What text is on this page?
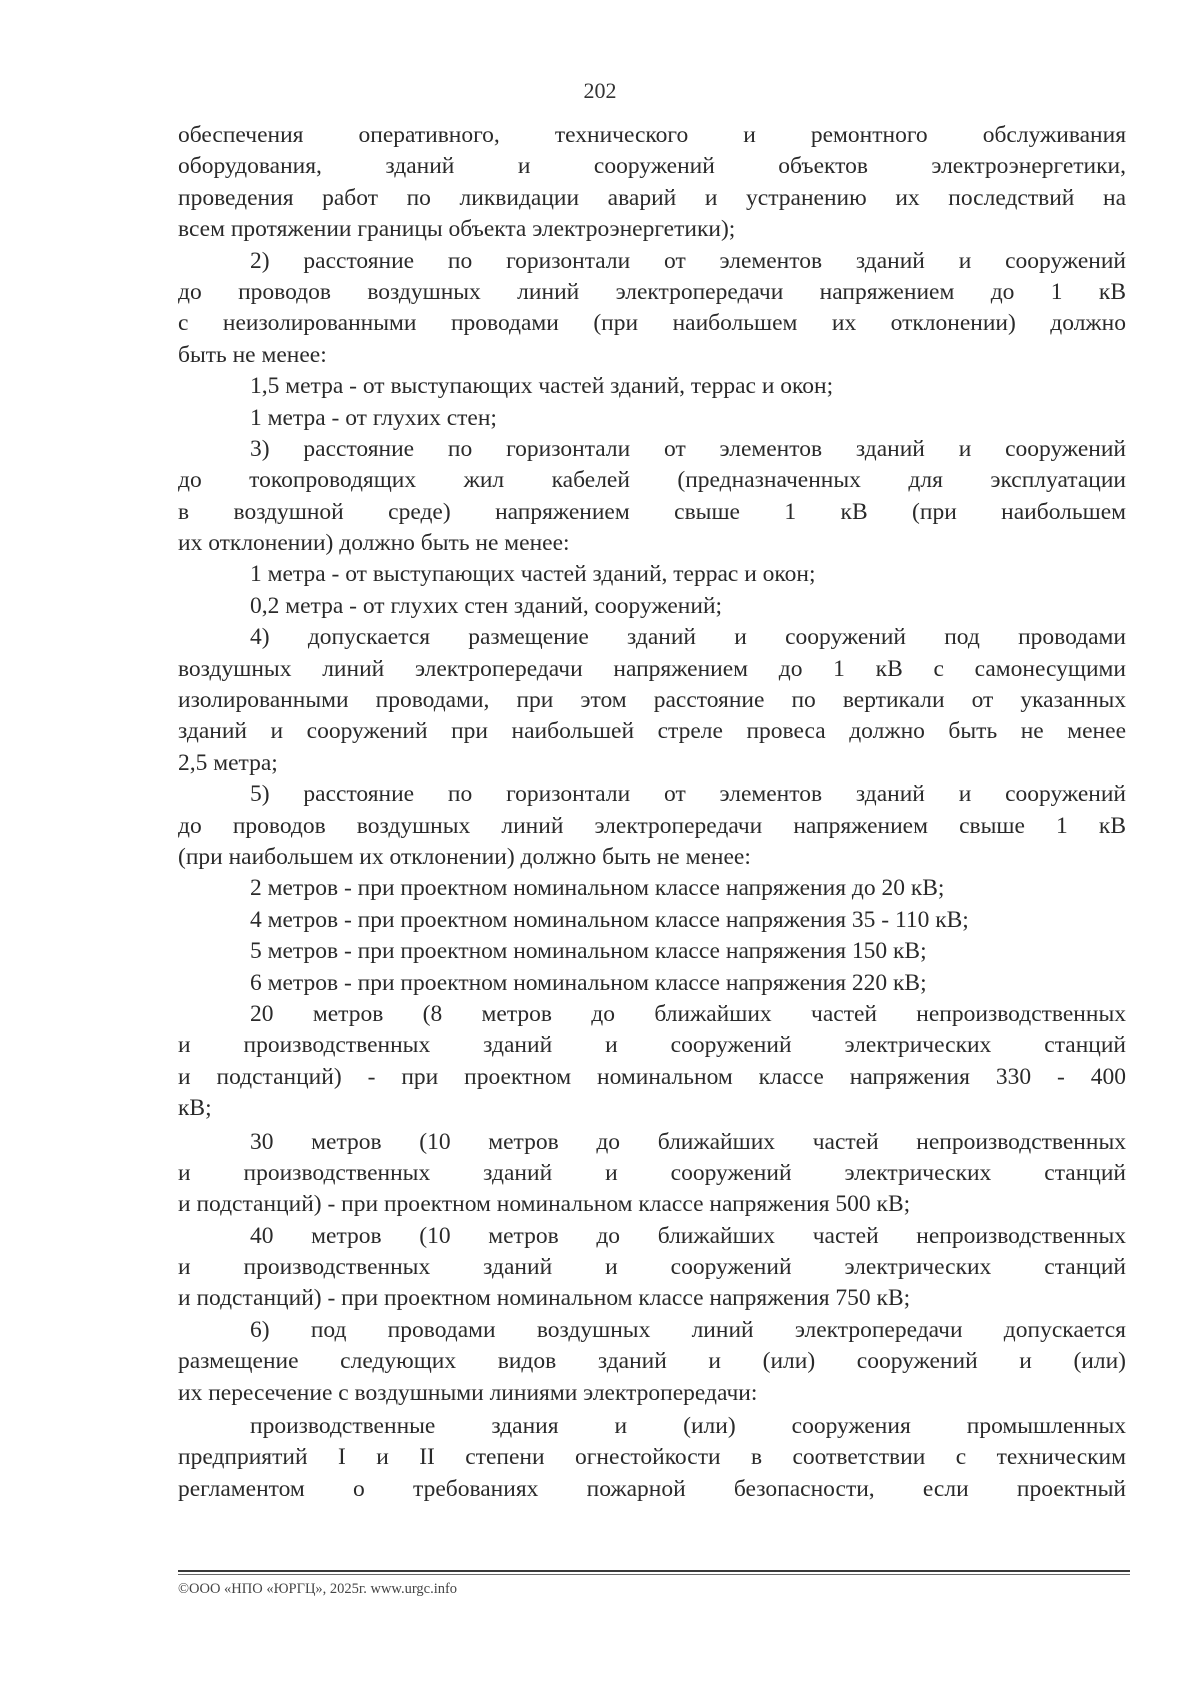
202
обеспечения оперативного, технического и ремонтного обслуживания
оборудования, зданий и сооружений объектов электроэнергетики,
проведения работ по ликвидации аварий и устранению их последствий на
всем протяжении границы объекта электроэнергетики);
2) расстояние по горизонтали от элементов зданий и сооружений
до проводов воздушных линий электропередачи напряжением до 1 кВ
с неизолированными проводами (при наибольшем их отклонении) должно
быть не менее:
1,5 метра - от выступающих частей зданий, террас и окон;
1 метра - от глухих стен;
3) расстояние по горизонтали от элементов зданий и сооружений
до токопроводящих жил кабелей (предназначенных для эксплуатации
в воздушной среде) напряжением свыше 1 кВ (при наибольшем
их отклонении) должно быть не менее:
1 метра - от выступающих частей зданий, террас и окон;
0,2 метра - от глухих стен зданий, сооружений;
4) допускается размещение зданий и сооружений под проводами
воздушных линий электропередачи напряжением до 1 кВ с самонесущими
изолированными проводами, при этом расстояние по вертикали от указанных
зданий и сооружений при наибольшей стреле провеса должно быть не менее
2,5 метра;
5) расстояние по горизонтали от элементов зданий и сооружений
до проводов воздушных линий электропередачи напряжением свыше 1 кВ
(при наибольшем их отклонении) должно быть не менее:
2 метров - при проектном номинальном классе напряжения до 20 кВ;
4 метров - при проектном номинальном классе напряжения 35 - 110 кВ;
5 метров - при проектном номинальном классе напряжения 150 кВ;
6 метров - при проектном номинальном классе напряжения 220 кВ;
20 метров (8 метров до ближайших частей непроизводственных
и производственных зданий и сооружений электрических станций
и подстанций) - при проектном номинальном классе напряжения 330 - 400
кВ;
30 метров (10 метров до ближайших частей непроизводственных
и производственных зданий и сооружений электрических станций
и подстанций) - при проектном номинальном классе напряжения 500 кВ;
40 метров (10 метров до ближайших частей непроизводственных
и производственных зданий и сооружений электрических станций
и подстанций) - при проектном номинальном классе напряжения 750 кВ;
6) под проводами воздушных линий электропередачи допускается
размещение следующих видов зданий и (или) сооружений и (или)
их пересечение с воздушными линиями электропередачи:
производственные здания и (или) сооружения промышленных
предприятий I и II степени огнестойкости в соответствии с техническим
регламентом о требованиях пожарной безопасности, если проектный
©ООО «НПО «ЮРГЦ», 2025г. www.urgc.info
